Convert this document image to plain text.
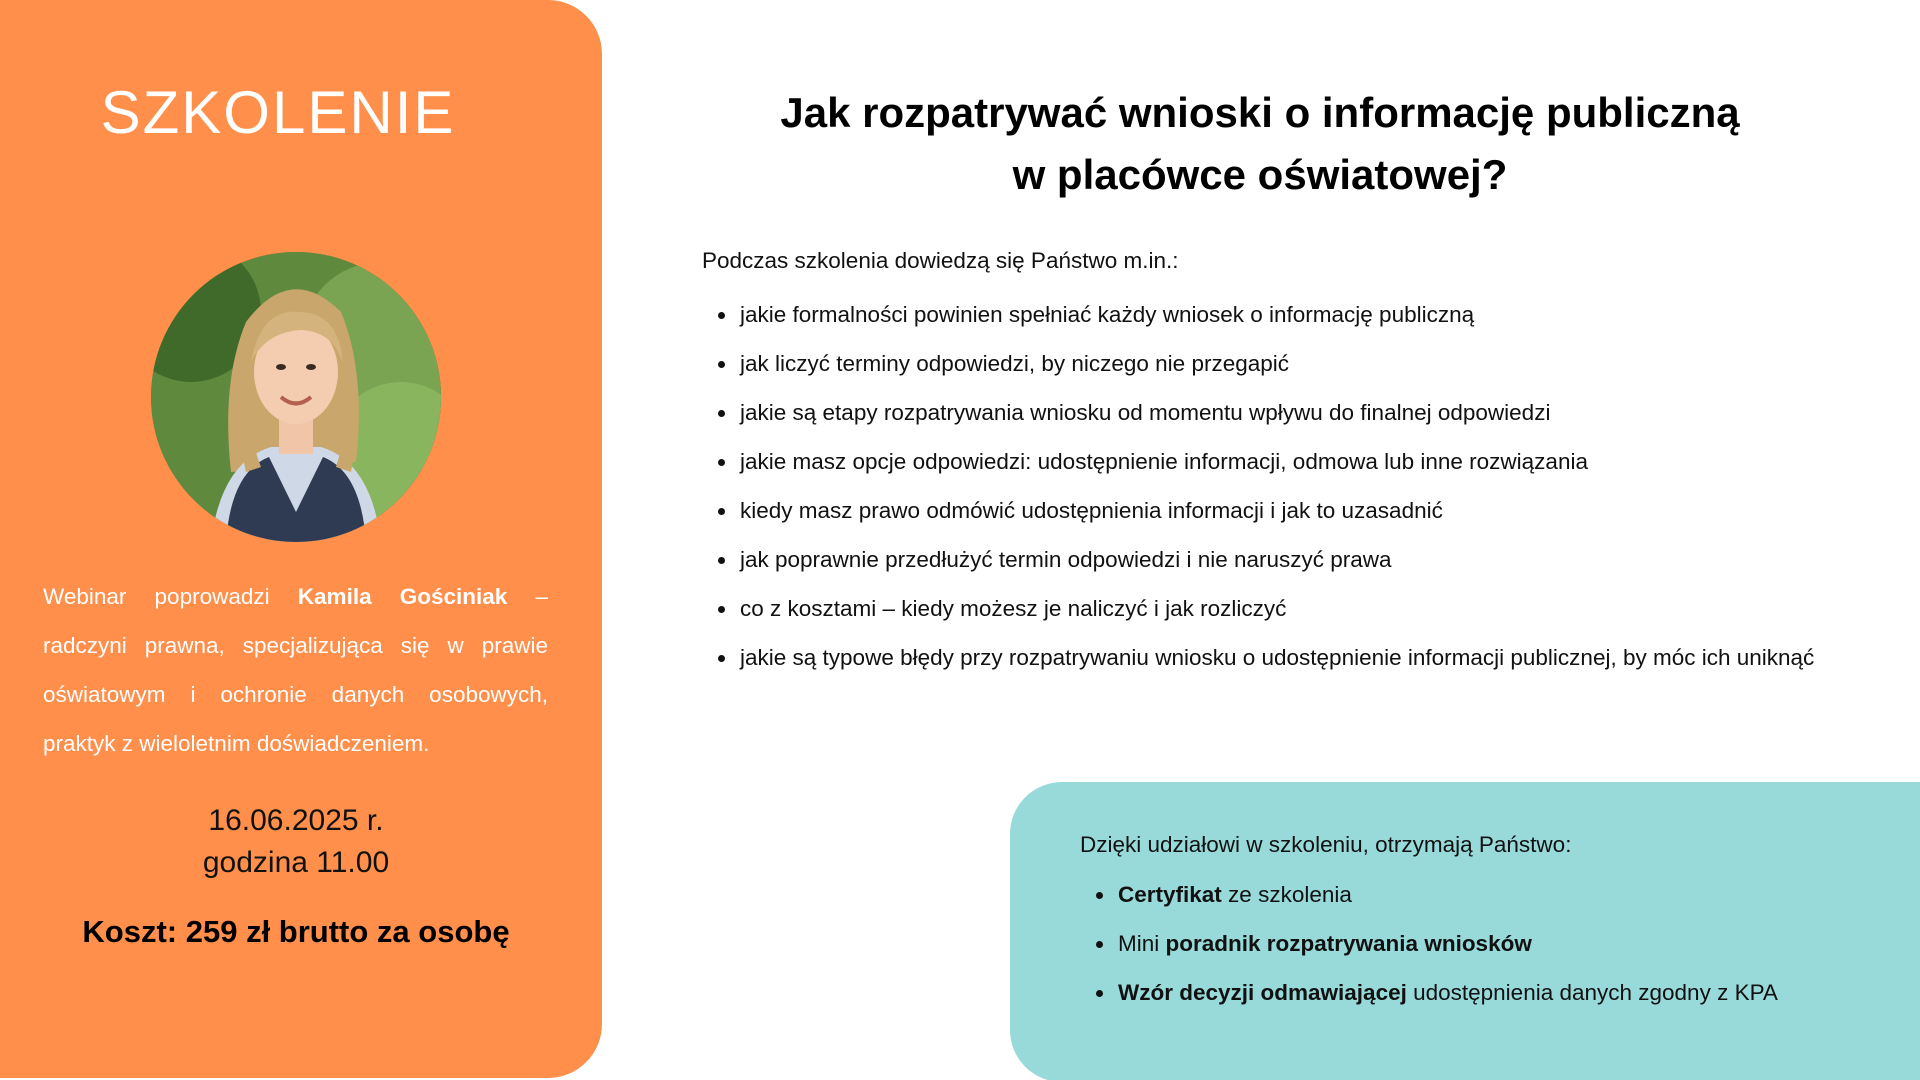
SZKOLENIE
Webinar poprowadzi Kamila Gościniak – radczyni prawna, specjalizująca się w prawie oświatowym i ochronie danych osobowych, praktyk z wieloletnim doświadczeniem.
16.06.2025 r.
godzina 11.00
Koszt: 259 zł brutto za osobę
Jak rozpatrywać wnioski o informację publiczną
w placówce oświatowej?
Podczas szkolenia dowiedzą się Państwo m.in.:
jakie formalności powinien spełniać każdy wniosek o informację publiczną
jak liczyć terminy odpowiedzi, by niczego nie przegapić
jakie są etapy rozpatrywania wniosku od momentu wpływu do finalnej odpowiedzi
jakie masz opcje odpowiedzi: udostępnienie informacji, odmowa lub inne rozwiązania
kiedy masz prawo odmówić udostępnienia informacji i jak to uzasadnić
jak poprawnie przedłużyć termin odpowiedzi i nie naruszyć prawa
co z kosztami – kiedy możesz je naliczyć i jak rozliczyć
jakie są typowe błędy przy rozpatrywaniu wniosku o udostępnienie informacji publicznej, by móc ich uniknąć
Dzięki udziałowi w szkoleniu, otrzymają Państwo:
Certyfikat ze szkolenia
Mini poradnik rozpatrywania wniosków
Wzór decyzji odmawiającej udostępnienia danych zgodny z KPA
